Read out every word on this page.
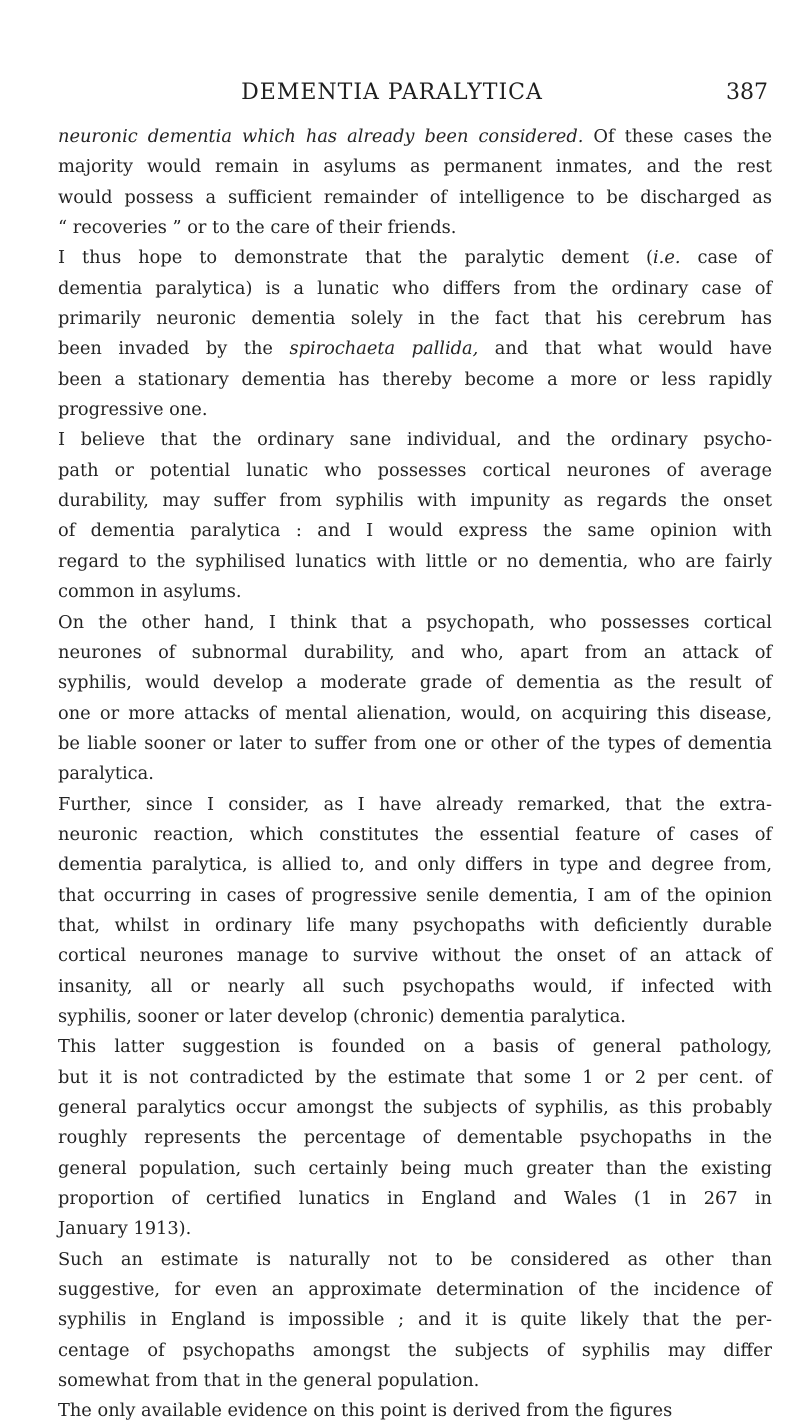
DEMENTIA PARALYTICA	387
neuronic dementia which has already been considered. Of these cases the
majority would remain in asylums as permanent inmates, and the rest
would possess a sufficient remainder of intelligence to be discharged as
“ recoveries ” or to the care of their friends.
I thus hope to demonstrate that the paralytic dement (i.e. case of
dementia paralytica) is a lunatic who differs from the ordinary case of
primarily neuronic dementia solely in the fact that his cerebrum has
been invaded by the spirochaeta pallida, and that what would have
been a stationary dementia has thereby become a more or less rapidly
progressive one.
I believe that the ordinary sane individual, and the ordinary psycho-
path or potential lunatic who possesses cortical neurones of average
durability, may suffer from syphilis with impunity as regards the onset
of dementia paralytica : and I would express the same opinion with
regard to the syphilised lunatics with little or no dementia, who are fairly
common in asylums.
On the other hand, I think that a psychopath, who possesses cortical
neurones of subnormal durability, and who, apart from an attack of
syphilis, would develop a moderate grade of dementia as the result of
one or more attacks of mental alienation, would, on acquiring this disease,
be liable sooner or later to suffer from one or other of the types of dementia
paralytica.
Further, since I consider, as I have already remarked, that the extra-
neuronic reaction, which constitutes the essential feature of cases of
dementia paralytica, is allied to, and only differs in type and degree from,
that occurring in cases of progressive senile dementia, I am of the opinion
that, whilst in ordinary life many psychopaths with deficiently durable
cortical neurones manage to survive without the onset of an attack of
insanity, all or nearly all such psychopaths would, if infected with
syphilis, sooner or later develop (chronic) dementia paralytica.
This latter suggestion is founded on a basis of general pathology,
but it is not contradicted by the estimate that some 1 or 2 per cent. of
general paralytics occur amongst the subjects of syphilis, as this probably
roughly represents the percentage of dementable psychopaths in the
general population, such certainly being much greater than the existing
proportion of certified lunatics in England and Wales (1 in 267 in
January 1913).
Such an estimate is naturally not to be considered as other than
suggestive, for even an approximate determination of the incidence of
syphilis in England is impossible ; and it is quite likely that the per-
centage of psychopaths amongst the subjects of syphilis may differ
somewhat from that in the general population.
The only available evidence on this point is derived from the figures
